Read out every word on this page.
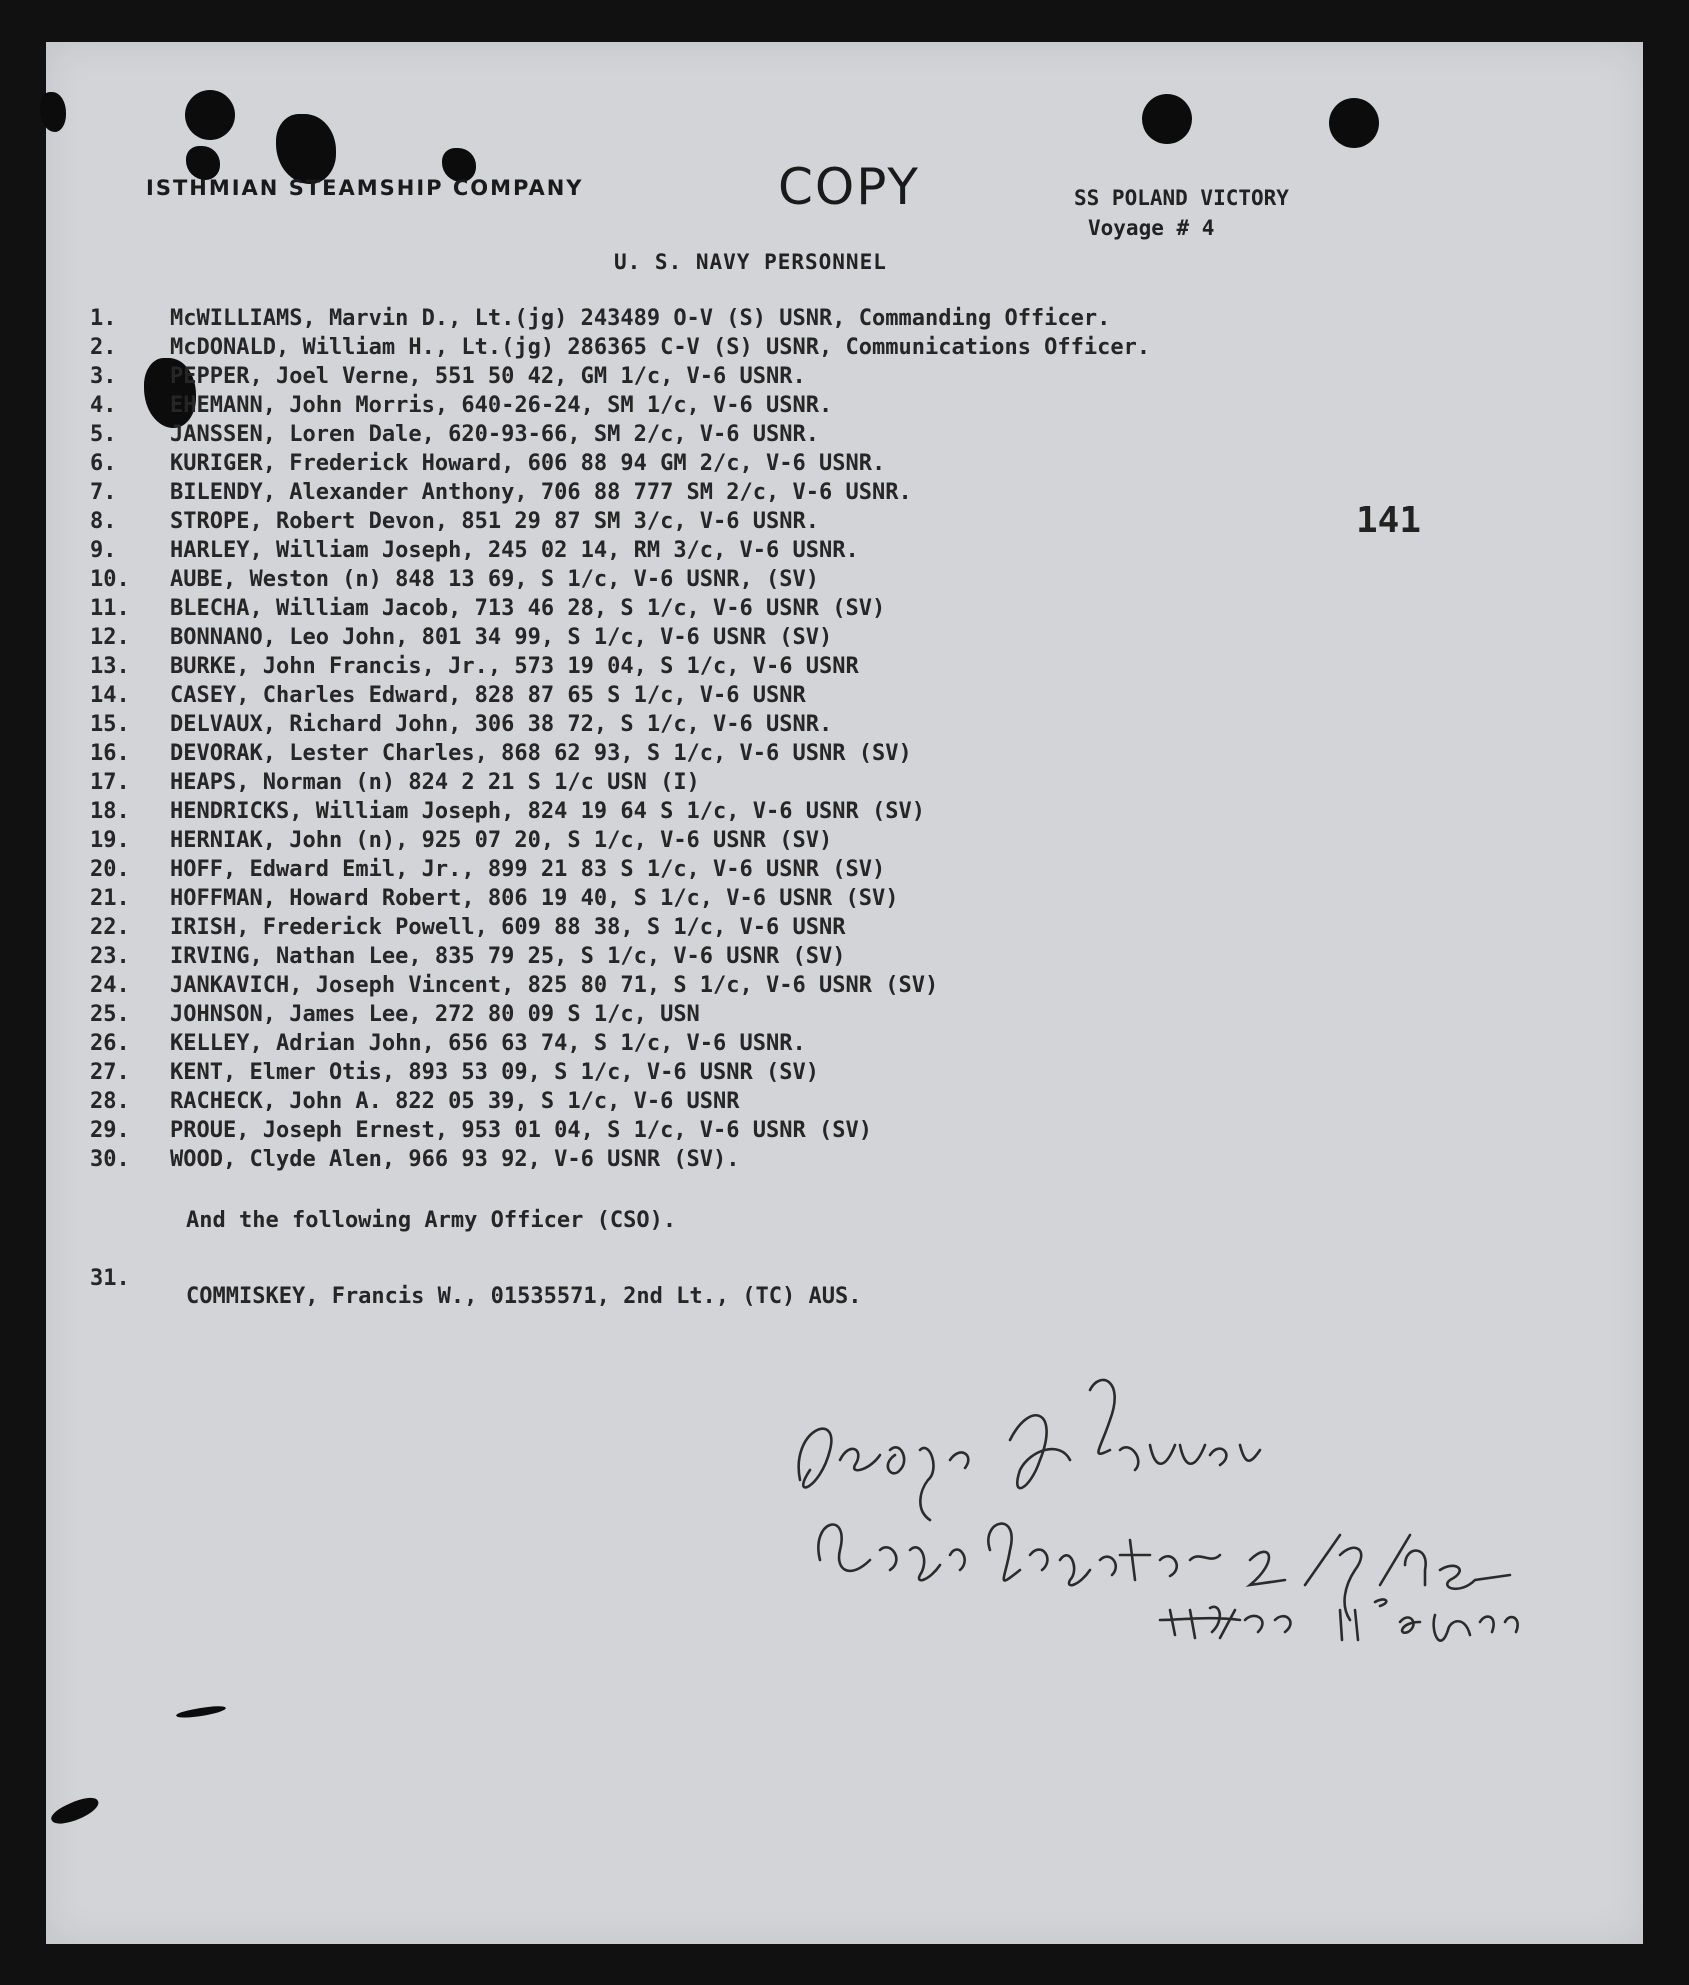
ISTHMIAN STEAMSHIP COMPANY	COPY	SS POLAND VICTORY
Voyage # 4
U. S. NAVY PERSONNEL
141
1.	McWILLIAMS, Marvin D., Lt.(jg) 243489 O-V (S) USNR, Commanding Officer.
2.	McDONALD, William H., Lt.(jg) 286365 C-V (S) USNR, Communications Officer.
3.	PEPPER, Joel Verne, 551 50 42, GM 1/c, V-6 USNR.
4.	EHEMANN, John Morris, 640-26-24, SM 1/c, V-6 USNR.
5.	JANSSEN, Loren Dale, 620-93-66, SM 2/c, V-6 USNR.
6.	KURIGER, Frederick Howard, 606 88 94 GM 2/c, V-6 USNR.
7.	BILENDY, Alexander Anthony, 706 88 777 SM 2/c, V-6 USNR.
8.	STROPE, Robert Devon, 851 29 87 SM 3/c, V-6 USNR.
9.	HARLEY, William Joseph, 245 02 14, RM 3/c, V-6 USNR.
10.	AUBE, Weston (n) 848 13 69, S 1/c, V-6 USNR, (SV)
11.	BLECHA, William Jacob, 713 46 28, S 1/c, V-6 USNR (SV)
12.	BONNANO, Leo John, 801 34 99, S 1/c, V-6 USNR (SV)
13.	BURKE, John Francis, Jr., 573 19 04, S 1/c, V-6 USNR
14.	CASEY, Charles Edward, 828 87 65 S 1/c, V-6 USNR
15.	DELVAUX, Richard John, 306 38 72, S 1/c, V-6 USNR.
16.	DEVORAK, Lester Charles, 868 62 93, S 1/c, V-6 USNR (SV)
17.	HEAPS, Norman (n) 824 2 21 S 1/c USN (I)
18.	HENDRICKS, William Joseph, 824 19 64 S 1/c, V-6 USNR (SV)
19.	HERNIAK, John (n), 925 07 20, S 1/c, V-6 USNR (SV)
20.	HOFF, Edward Emil, Jr., 899 21 83 S 1/c, V-6 USNR (SV)
21.	HOFFMAN, Howard Robert, 806 19 40, S 1/c, V-6 USNR (SV)
22.	IRISH, Frederick Powell, 609 88 38, S 1/c, V-6 USNR
23.	IRVING, Nathan Lee, 835 79 25, S 1/c, V-6 USNR (SV)
24.	JANKAVICH, Joseph Vincent, 825 80 71, S 1/c, V-6 USNR (SV)
25.	JOHNSON, James Lee, 272 80 09 S 1/c, USN
26.	KELLEY, Adrian John, 656 63 74, S 1/c, V-6 USNR.
27.	KENT, Elmer Otis, 893 53 09, S 1/c, V-6 USNR (SV)
28.	RACHECK, John A. 822 05 39, S 1/c, V-6 USNR
29.	PROUE, Joseph Ernest, 953 01 04, S 1/c, V-6 USNR (SV)
30.	WOOD, Clyde Alen, 966 93 92, V-6 USNR (SV).
And the following Army Officer (CSO).
31.
COMMISKEY, Francis W., 01535571, 2nd Lt., (TC) AUS.
